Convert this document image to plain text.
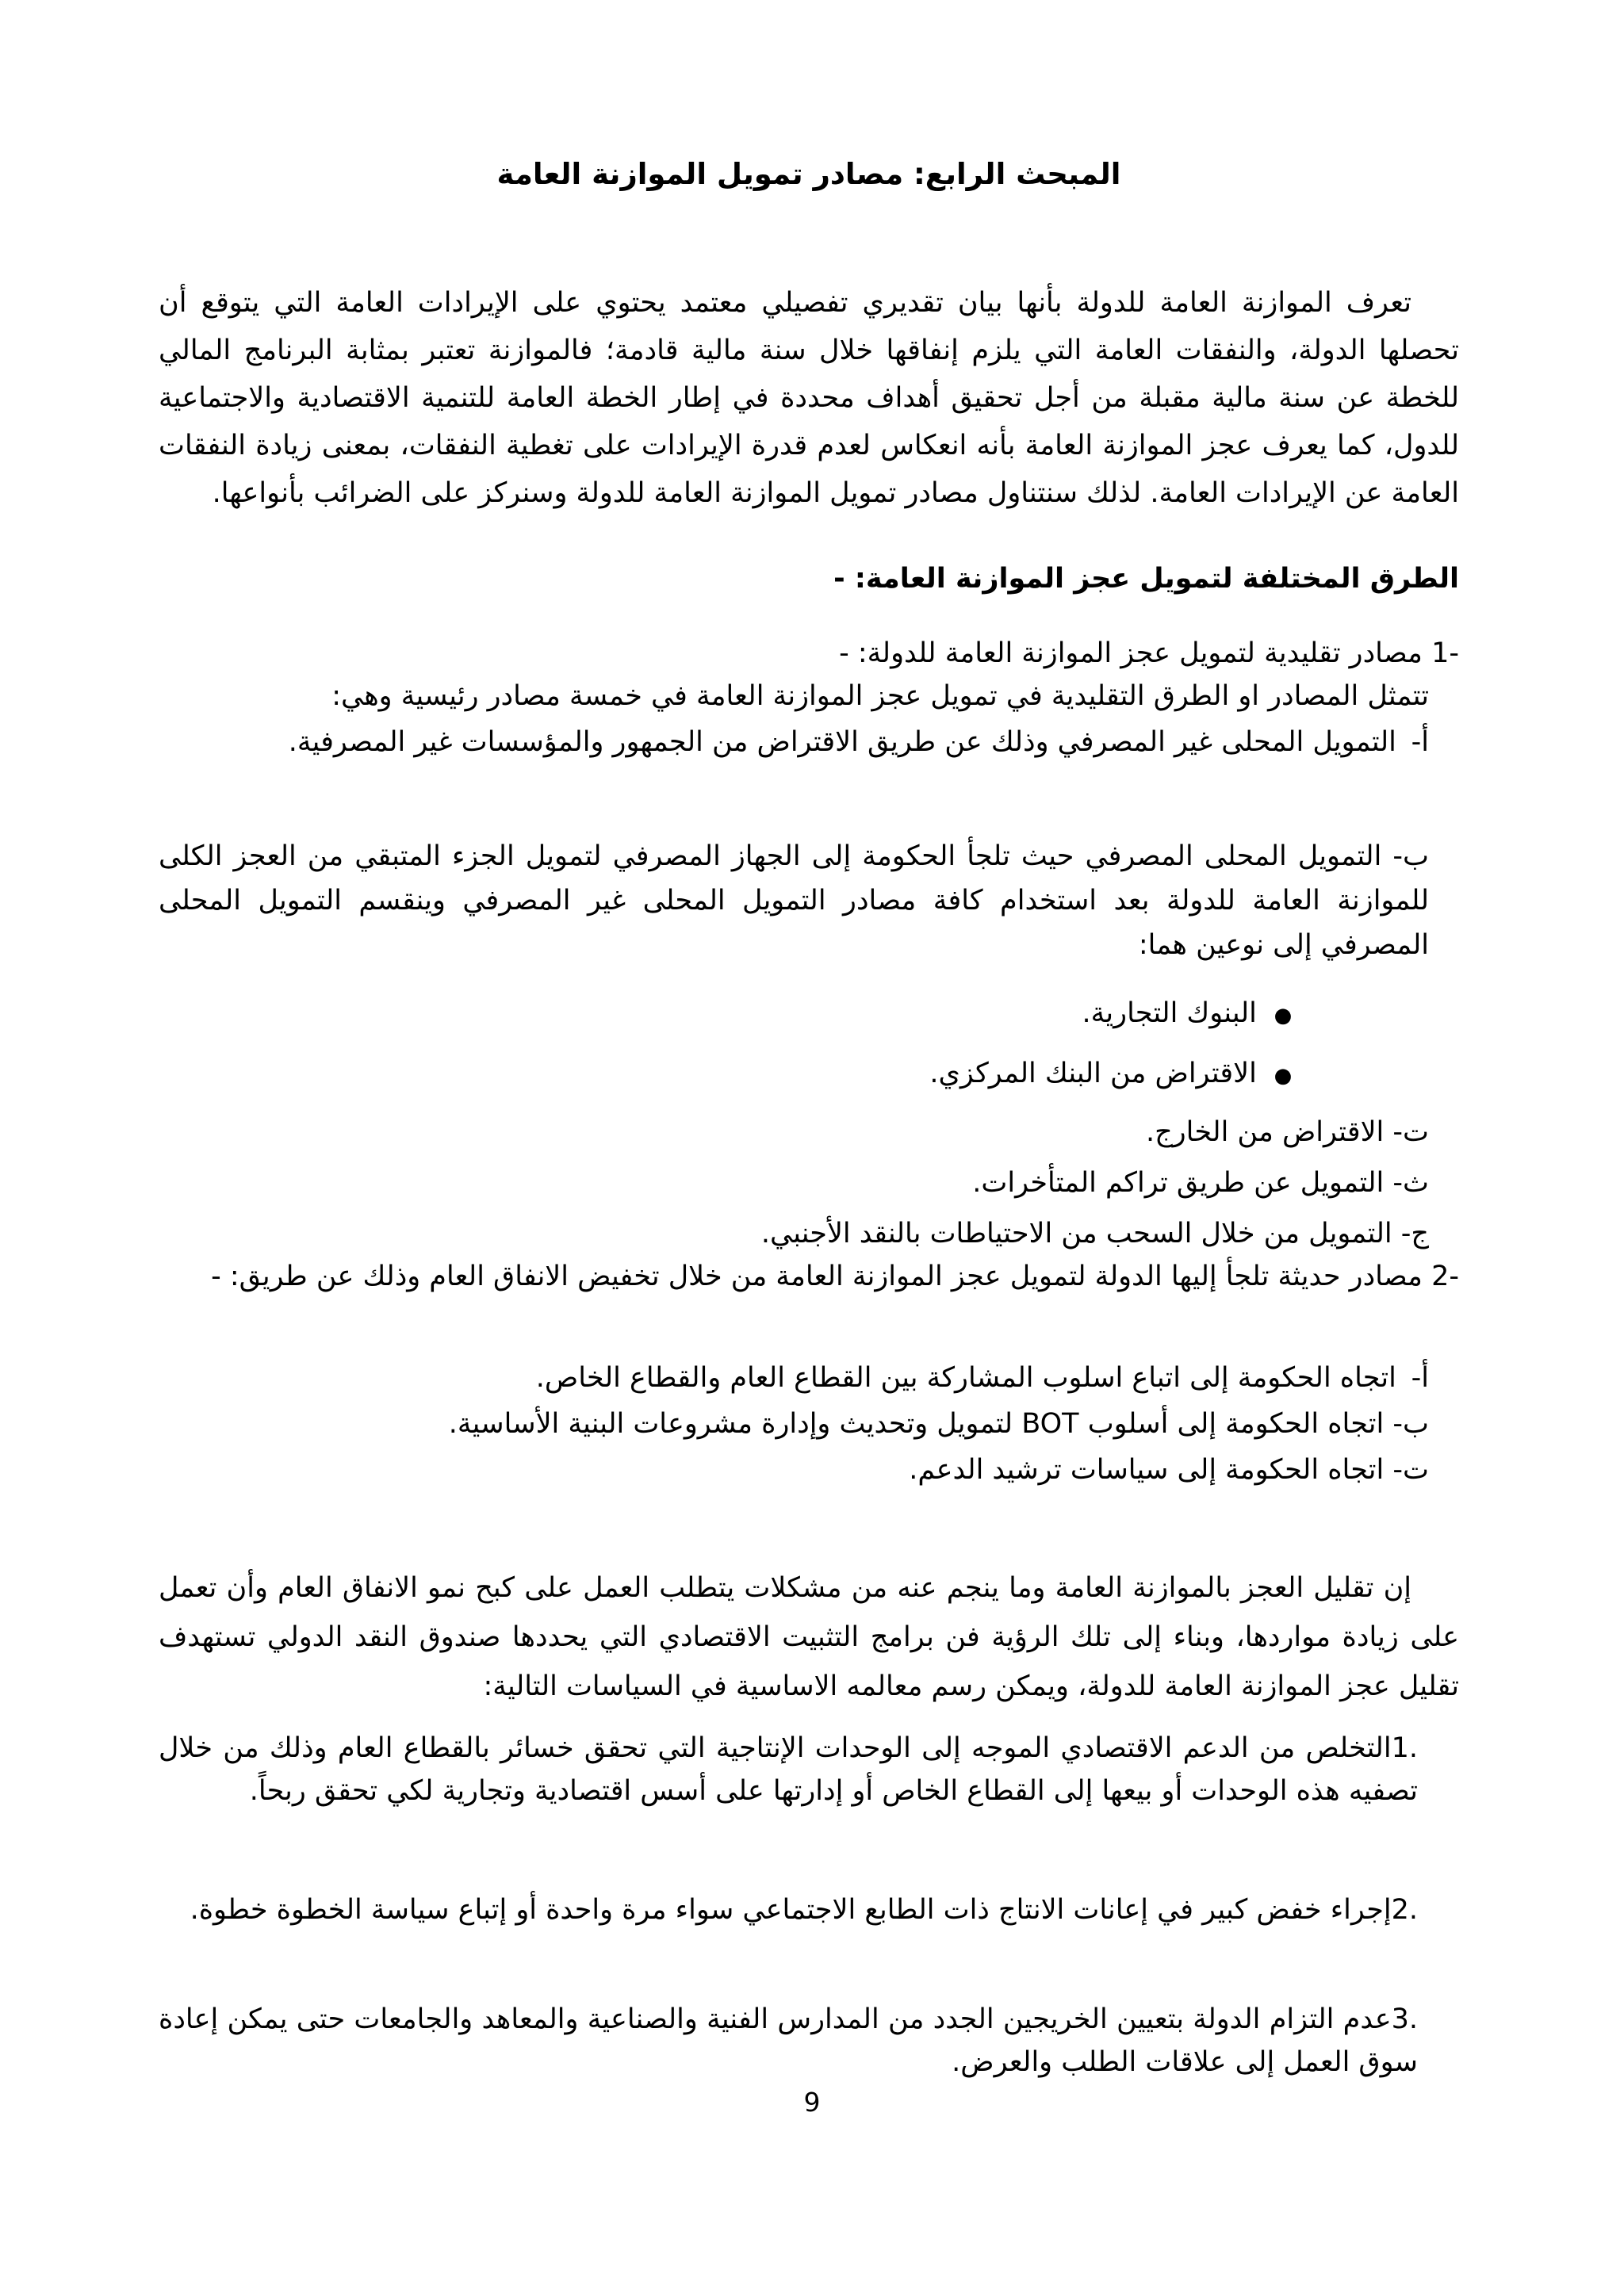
المبحث الرابع: مصادر تمويل الموازنة العامة

تعرف الموازنة العامة للدولة بأنها بيان تقديري تفصيلي معتمد يحتوي على الإيرادات العامة التي يتوقع أن تحصلها الدولة، والنفقات العامة التي يلزم إنفاقها خلال سنة مالية قادمة؛ فالموازنة تعتبر بمثابة البرنامج المالي للخطة عن سنة مالية مقبلة من أجل تحقيق أهداف محددة في إطار الخطة العامة للتنمية الاقتصادية والاجتماعية للدول، كما يعرف عجز الموازنة العامة بأنه انعكاس لعدم قدرة الإيرادات على تغطية النفقات، بمعنى زيادة النفقات العامة عن الإيرادات العامة. لذلك سنتناول مصادر تمويل الموازنة العامة للدولة وسنركز على الضرائب بأنواعها.

الطرق المختلفة لتمويل عجز الموازنة العامة: -

-1 مصادر تقليدية لتمويل عجز الموازنة العامة للدولة: -

تتمثل المصادر او الطرق التقليدية في تمويل عجز الموازنة العامة في خمسة مصادر رئيسية وهي:

أ- التمويل المحلى غير المصرفي وذلك عن طريق الاقتراض من الجمهور والمؤسسات غير المصرفية.

ب- التمويل المحلى المصرفي حيث تلجأ الحكومة إلى الجهاز المصرفي لتمويل الجزء المتبقي من العجز الكلى للموازنة العامة للدولة بعد استخدام كافة مصادر التمويل المحلى غير المصرفي وينقسم التمويل المحلى المصرفي إلى نوعين هما:

● البنوك التجارية.

● الاقتراض من البنك المركزي.

ت- الاقتراض من الخارج.

ث- التمويل عن طريق تراكم المتأخرات.

ج- التمويل من خلال السحب من الاحتياطات بالنقد الأجنبي.

-2 مصادر حديثة تلجأ إليها الدولة لتمويل عجز الموازنة العامة من خلال تخفيض الانفاق العام وذلك عن طريق: -

أ- اتجاه الحكومة إلى اتباع اسلوب المشاركة بين القطاع العام والقطاع الخاص.

ب- اتجاه الحكومة إلى أسلوب BOT لتمويل وتحديث وإدارة مشروعات البنية الأساسية.

ت- اتجاه الحكومة إلى سياسات ترشيد الدعم.

إن تقليل العجز بالموازنة العامة وما ينجم عنه من مشكلات يتطلب العمل على كبح نمو الانفاق العام وأن تعمل على زيادة مواردها، وبناء إلى تلك الرؤية فن برامج التثبيت الاقتصادي التي يحددها صندوق النقد الدولي تستهدف تقليل عجز الموازنة العامة للدولة، ويمكن رسم معالمه الاساسية في السياسات التالية:

.1التخلص من الدعم الاقتصادي الموجه إلى الوحدات الإنتاجية التي تحقق خسائر بالقطاع العام وذلك من خلال تصفيه هذه الوحدات أو بيعها إلى القطاع الخاص أو إدارتها على أسس اقتصادية وتجارية لكي تحقق ربحاً.

.2إجراء خفض كبير في إعانات الانتاج ذات الطابع الاجتماعي سواء مرة واحدة أو إتباع سياسة الخطوة خطوة.

.3عدم التزام الدولة بتعيين الخريجين الجدد من المدارس الفنية والصناعية والمعاهد والجامعات حتى يمكن إعادة سوق العمل إلى علاقات الطلب والعرض.

9
